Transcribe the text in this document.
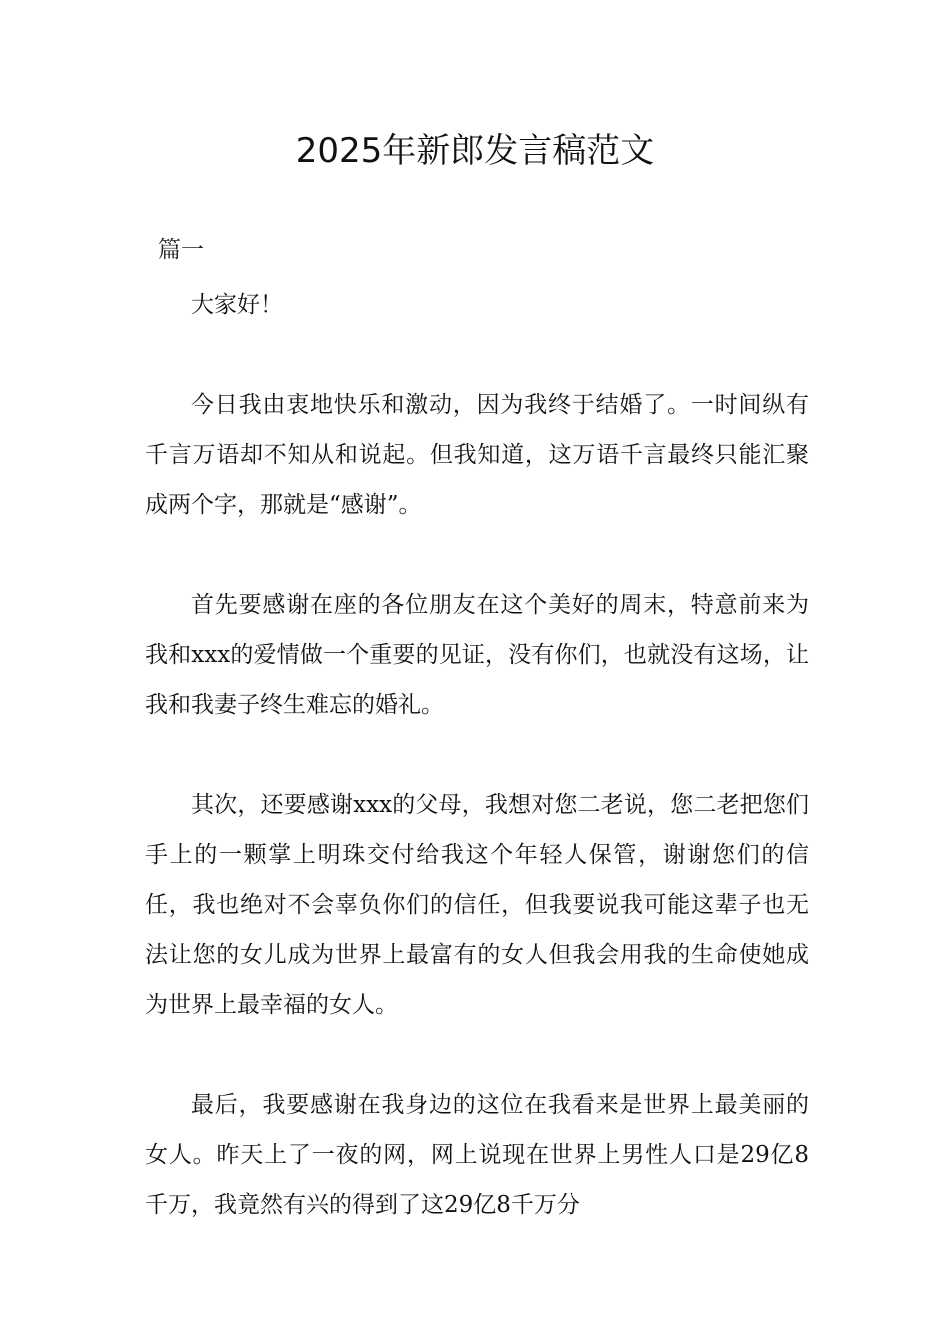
2025年新郎发言稿范文
篇一

大家好！

今日我由衷地快乐和激动，因为我终于结婚了。一时间纵有千言万语却不知从和说起。但我知道，这万语千言最终只能汇聚成两个字，那就是“感谢”。

首先要感谢在座的各位朋友在这个美好的周末，特意前来为我和xxx的爱情做一个重要的见证，没有你们，也就没有这场，让我和我妻子终生难忘的婚礼。

其次，还要感谢xxx的父母，我想对您二老说，您二老把您们手上的一颗掌上明珠交付给我这个年轻人保管，谢谢您们的信任，我也绝对不会辜负你们的信任，但我要说我可能这辈子也无法让您的女儿成为世界上最富有的女人但我会用我的生命使她成为世界上最幸福的女人。

最后，我要感谢在我身边的这位在我看来是世界上最美丽的女人。昨天上了一夜的网，网上说现在世界上男性人口是29亿8千万，我竟然有兴的得到了这29亿8千万分
